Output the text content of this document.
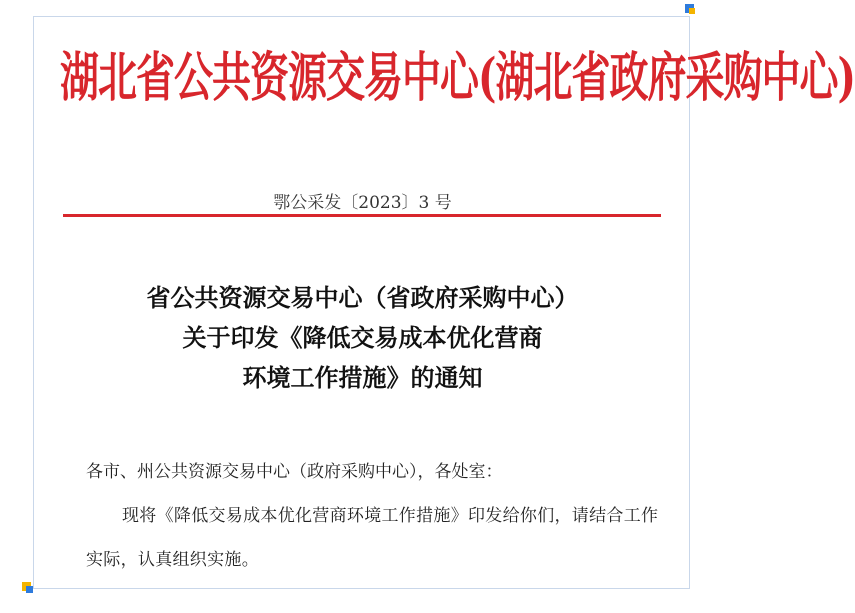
湖北省公共资源交易中心(湖北省政府采购中心)
鄂公采发〔2023〕3 号
省公共资源交易中心（省政府采购中心）
关于印发《降低交易成本优化营商
环境工作措施》的通知

各市、州公共资源交易中心（政府采购中心），各处室：

现将《降低交易成本优化营商环境工作措施》印发给你们，请结合工作实际，认真组织实施。
